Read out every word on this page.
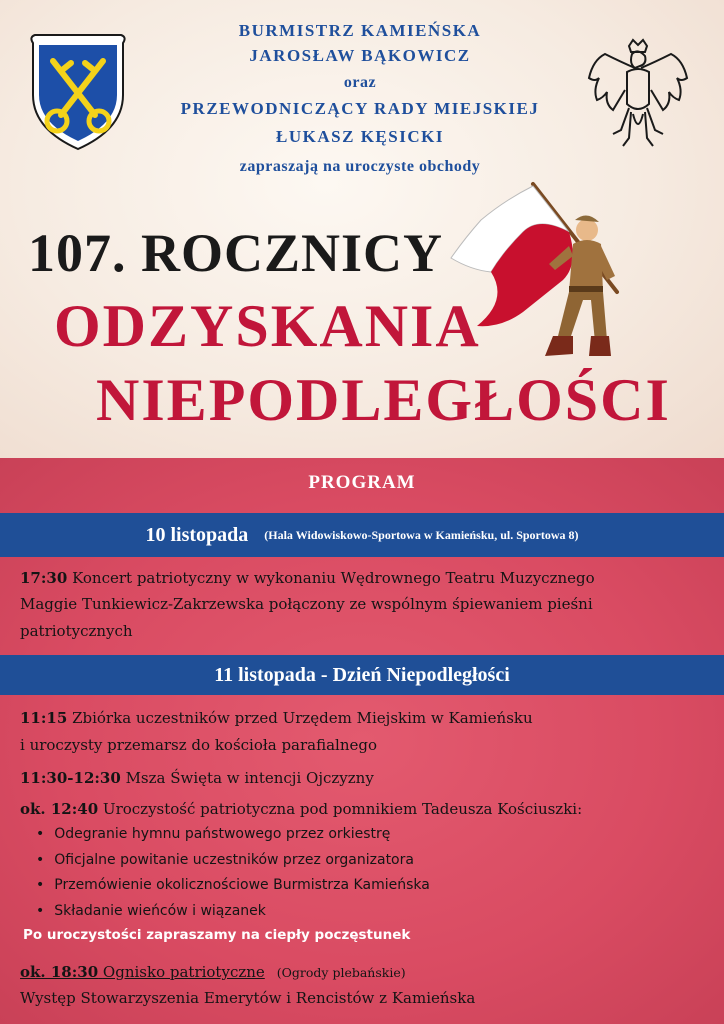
BURMISTRZ KAMIEŃSKA

JAROSŁAW BĄKOWICZ

oraz

PRZEWODNICZĄCY RADY MIEJSKIEJ

ŁUKASZ KĘSICKI

zapraszają na uroczyste obchody

107. ROCZNICY

ODZYSKANIA

NIEPODLEGŁOŚCI

PROGRAM

10 listopada (Hala Widowiskowo-Sportowa w Kamieńsku, ul. Sportowa 8)

17:30 Koncert patriotyczny w wykonaniu Wędrownego Teatru Muzycznego

Maggie Tunkiewicz-Zakrzewska połączony ze wspólnym śpiewaniem pieśni

patriotycznych

11 listopada - Dzień Niepodległości

11:15 Zbiórka uczestników przed Urzędem Miejskim w Kamieńsku

i uroczysty przemarsz do kościoła parafialnego

11:30-12:30 Msza Święta w intencji Ojczyzny

ok. 12:40 Uroczystość patriotyczna pod pomnikiem Tadeusza Kościuszki:

• Odegranie hymnu państwowego przez orkiestrę
• Oficjalne powitanie uczestników przez organizatora
• Przemówienie okolicznościowe Burmistrza Kamieńska
• Składanie wieńców i wiązanek

Po uroczystości zapraszamy na ciepły poczęstunek

ok. 18:30 Ognisko patriotyczne (Ogrody plebańskie)

Występ Stowarzyszenia Emerytów i Rencistów z Kamieńska
